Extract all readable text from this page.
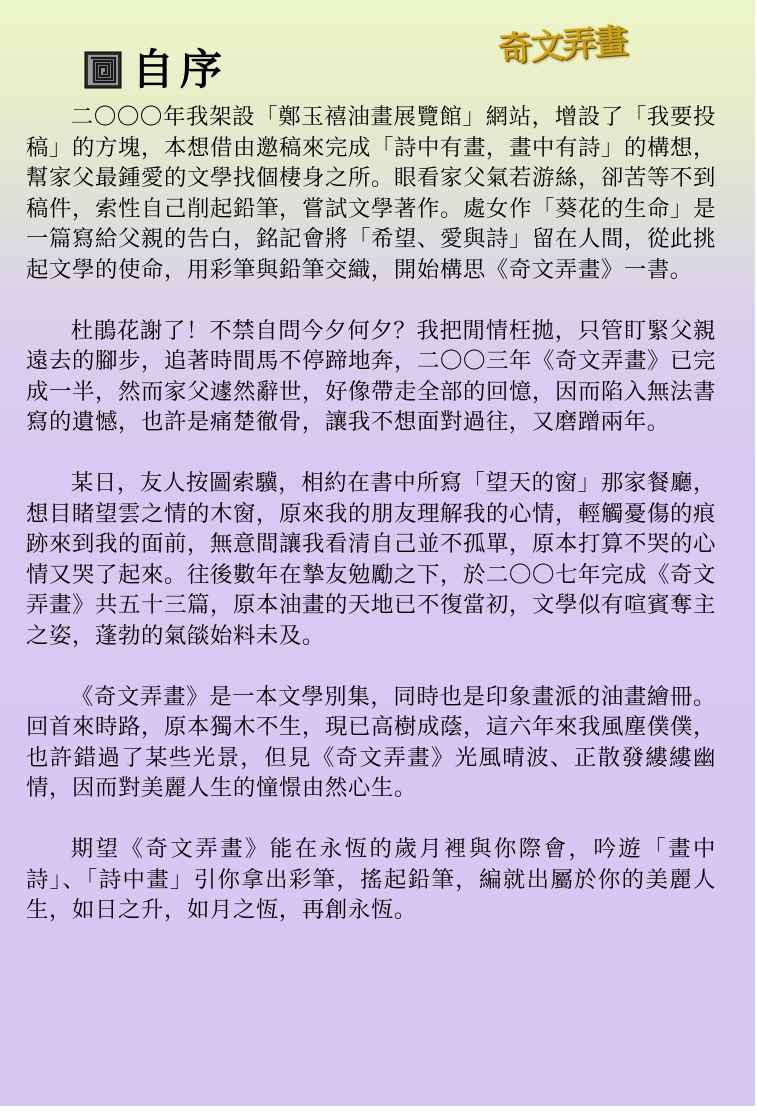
奇文弄畫
自序

二〇〇〇年我架設「鄭玉禧油畫展覽館」網站，增設了「我要投稿」的方塊，本想借由邀稿來完成「詩中有畫，畫中有詩」的構想，幫家父最鍾愛的文學找個棲身之所。眼看家父氣若游絲，卻苦等不到稿件，索性自己削起鉛筆，嘗試文學著作。處女作「葵花的生命」是一篇寫給父親的告白，銘記會將「希望、愛與詩」留在人間，從此挑起文學的使命，用彩筆與鉛筆交織，開始構思《奇文弄畫》一書。

杜鵑花謝了！不禁自問今夕何夕？我把閒情枉拋，只管盯緊父親遠去的腳步，追著時間馬不停蹄地奔，二〇〇三年《奇文弄畫》已完成一半，然而家父遽然辭世，好像帶走全部的回憶，因而陷入無法書寫的遺憾，也許是痛楚徹骨，讓我不想面對過往，又磨蹭兩年。

某日，友人按圖索驥，相約在書中所寫「望天的窗」那家餐廳，想目睹望雲之情的木窗，原來我的朋友理解我的心情，輕觸憂傷的痕跡來到我的面前，無意間讓我看清自己並不孤單，原本打算不哭的心情又哭了起來。往後數年在摯友勉勵之下，於二〇〇七年完成《奇文弄畫》共五十三篇，原本油畫的天地已不復當初，文學似有喧賓奪主之姿，蓬勃的氣燄始料未及。

《奇文弄畫》是一本文學別集，同時也是印象畫派的油畫繪冊。回首來時路，原本獨木不生，現已高樹成蔭，這六年來我風塵僕僕，也許錯過了某些光景，但見《奇文弄畫》光風晴波、正散發縷縷幽情，因而對美麗人生的憧憬由然心生。

期望《奇文弄畫》能在永恆的歲月裡與你際會，吟遊「畫中詩」、「詩中畫」引你拿出彩筆，搖起鉛筆，編就出屬於你的美麗人生，如日之升，如月之恆，再創永恆。
